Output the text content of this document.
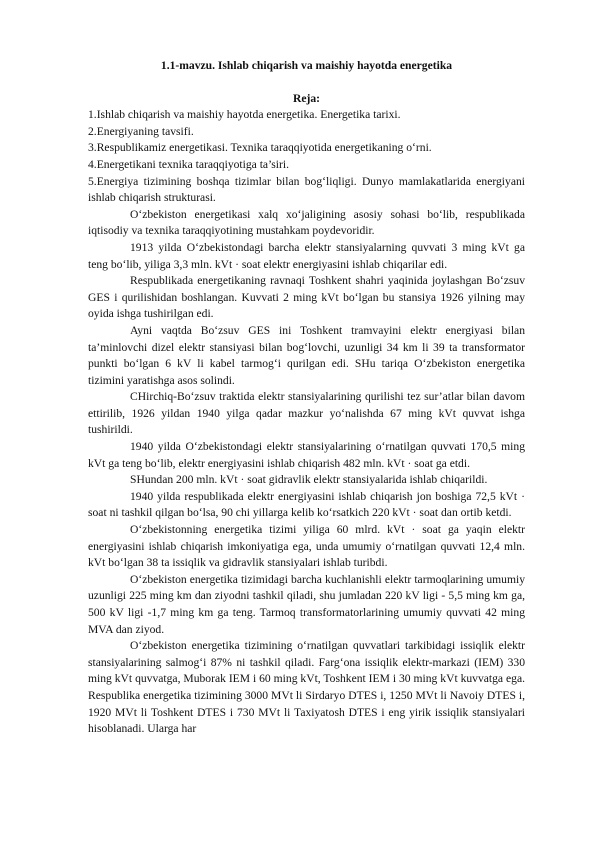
1.1-mavzu. Ishlab chiqarish va maishiy hayotda energetika

Reja:

1.Ishlab chiqarish va maishiy hayotda energetika. Energetika tarixi.

2.Energiyaning tavsifi.

3.Respublikamiz energetikasi. Texnika taraqqiyotida energetikaning o‘rni.

4.Energetikani texnika taraqqiyotiga ta’siri.

5.Energiya tizimining boshqa tizimlar bilan bog‘liqligi. Dunyo mamlakatlarida energiyani ishlab chiqarish strukturasi.

O‘zbekiston energetikasi xalq xo‘jaligining asosiy sohasi bo‘lib, respublikada iqtisodiy va texnika taraqqiyotining mustahkam poydevoridir.

1913 yilda O‘zbekistondagi barcha elektr stansiyalarning quvvati 3 ming kVt ga teng bo‘lib, yiliga 3,3 mln. kVt · soat elektr energiyasini ishlab chiqarilar edi.

Respublikada energetikaning ravnaqi Toshkent shahri yaqinida joylashgan Bo‘zsuv GES i qurilishidan boshlangan. Kuvvati 2 ming kVt bo‘lgan bu stansiya 1926 yilning may oyida ishga tushirilgan edi.

Ayni vaqtda Bo‘zsuv GES ini Toshkent tramvayini elektr energiyasi bilan ta’minlovchi dizel elektr stansiyasi bilan bog‘lovchi, uzunligi 34 km li 39 ta transformator punkti bo‘lgan 6 kV li kabel tarmog‘i qurilgan edi. SHu tariqa O‘zbekiston energetika tizimini yaratishga asos solindi.

CHirchiq-Bo‘zsuv traktida elektr stansiyalarining qurilishi tez sur’atlar bilan davom ettirilib, 1926 yildan 1940 yilga qadar mazkur yo‘nalishda 67 ming kVt quvvat ishga tushirildi.

1940 yilda O‘zbekistondagi elektr stansiyalarining o‘rnatilgan quvvati 170,5 ming kVt ga teng bo‘lib, elektr energiyasini ishlab chiqarish 482 mln. kVt · soat ga etdi.

SHundan 200 mln. kVt · soat gidravlik elektr stansiyalarida ishlab chiqarildi.

1940 yilda respublikada elektr energiyasini ishlab chiqarish jon boshiga 72,5 kVt · soat ni tashkil qilgan bo‘lsa, 90 chi yillarga kelib ko‘rsatkich 220 kVt · soat dan ortib ketdi.

O‘zbekistonning energetika tizimi yiliga 60 mlrd. kVt · soat ga yaqin elektr energiyasini ishlab chiqarish imkoniyatiga ega, unda umumiy o‘rnatilgan quvvati 12,4 mln. kVt bo‘lgan 38 ta issiqlik va gidravlik stansiyalari ishlab turibdi.

O‘zbekiston energetika tizimidagi barcha kuchlanishli elektr tarmoqlarining umumiy uzunligi 225 ming km dan ziyodni tashkil qiladi, shu jumladan 220 kV ligi - 5,5 ming km ga, 500 kV ligi -1,7 ming km ga teng. Tarmoq transformatorlarining umumiy quvvati 42 ming MVA dan ziyod.

O‘zbekiston energetika tizimining o‘rnatilgan quvvatlari tarkibidagi issiqlik elektr stansiyalarining salmog‘i 87% ni tashkil qiladi. Farg‘ona issiqlik elektr-markazi (IEM) 330 ming kVt quvvatga, Muborak IEM i 60 ming kVt, Toshkent IEM i 30 ming kVt kuvvatga ega. Respublika energetika tizimining 3000 MVt li Sirdaryo DTES i, 1250 MVt li Navoiy DTES i, 1920 MVt li Toshkent DTES i 730 MVt li Taxiyatosh DTES i eng yirik issiqlik stansiyalari hisoblanadi. Ularga har
